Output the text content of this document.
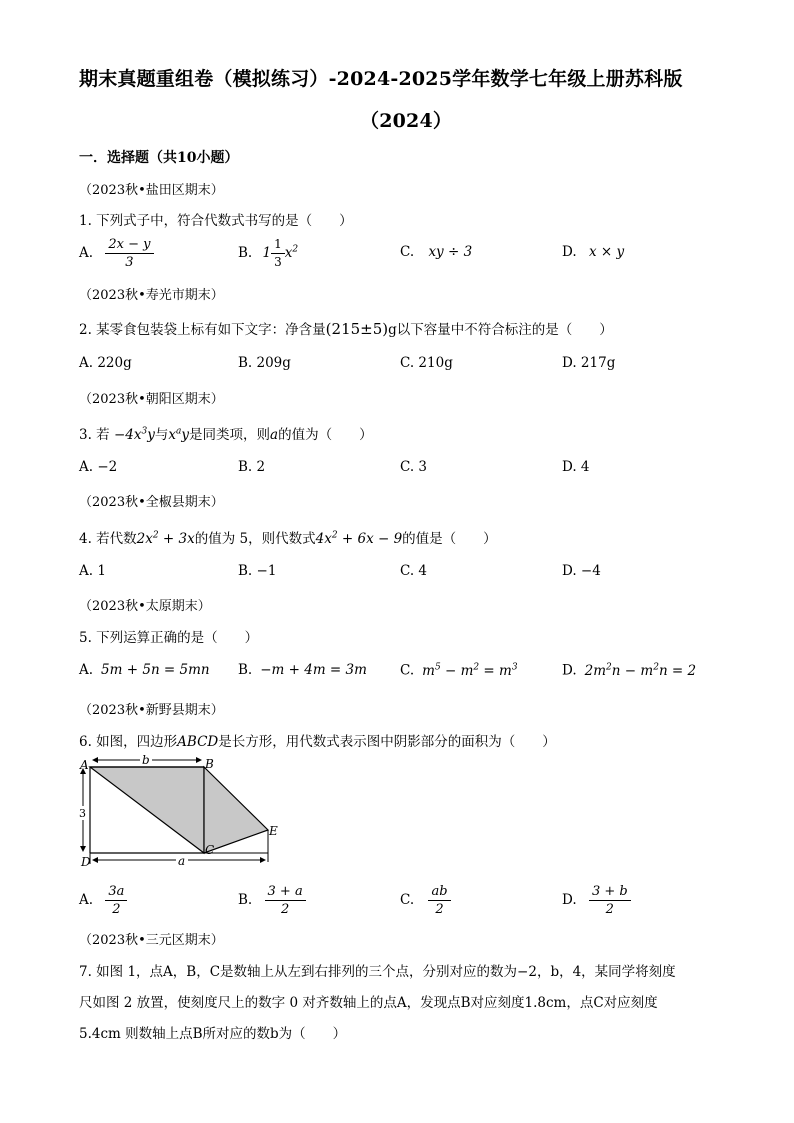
期末真题重组卷（模拟练习）-2024-2025学年数学七年级上册苏科版
（2024）
一．选择题（共10小题）
（2023秋•盐田区期末）
1. 下列式子中，符合代数式书写的是（　　）
A. $\frac{2x - y}{3}$	B. $1 \frac{1}{3} x^2$	C. xy ÷ 3	D. x × y
（2023秋•寿光市期末）
2. 某零食包装袋上标有如下文字：净含量(215±5)g以下容量中不符合标注的是（　　）
A. 220g	B. 209g	C. 210g	D. 217g
（2023秋•朝阳区期末）
3. 若 $-4x^3y$与$x^ay$是同类项，则a的值为（　　）
A. −2	B. 2	C. 3	D. 4
（2023秋•全椒县期末）
4. 若代数$2x^2 + 3x$的值为 5，则代数式$4x^2 + 6x - 9$的值是（　　）
A. 1	B. −1	C. 4	D. −4
（2023秋•太原期末）
5. 下列运算正确的是（　　）
A. 5m + 5n = 5mn B. −m + 4m = 3m C. $m^5 - m^2 = m^3$	D. $2m^2n - m^2n = 2$
（2023秋•新野县期末）
6. 如图，四边形ABCD是长方形，用代数式表示图中阴影部分的面积为（　　）
b
a
3
A	B
D
C
E
A. $\frac{3a}{2}$	B. $\frac{3 + a}{2}$	C. $\frac{ab}{2}$	D. $\frac{3 + b}{2}$
（2023秋•三元区期末）
7. 如图 1，点A，B，C是数轴上从左到右排列的三个点，分别对应的数为−2，b，4，某同学将刻度
尺如图 2 放置，使刻度尺上的数字 0 对齐数轴上的点A，发现点B对应刻度1.8cm，点C对应刻度
5.4cm 则数轴上点B所对应的数b为（　　）
